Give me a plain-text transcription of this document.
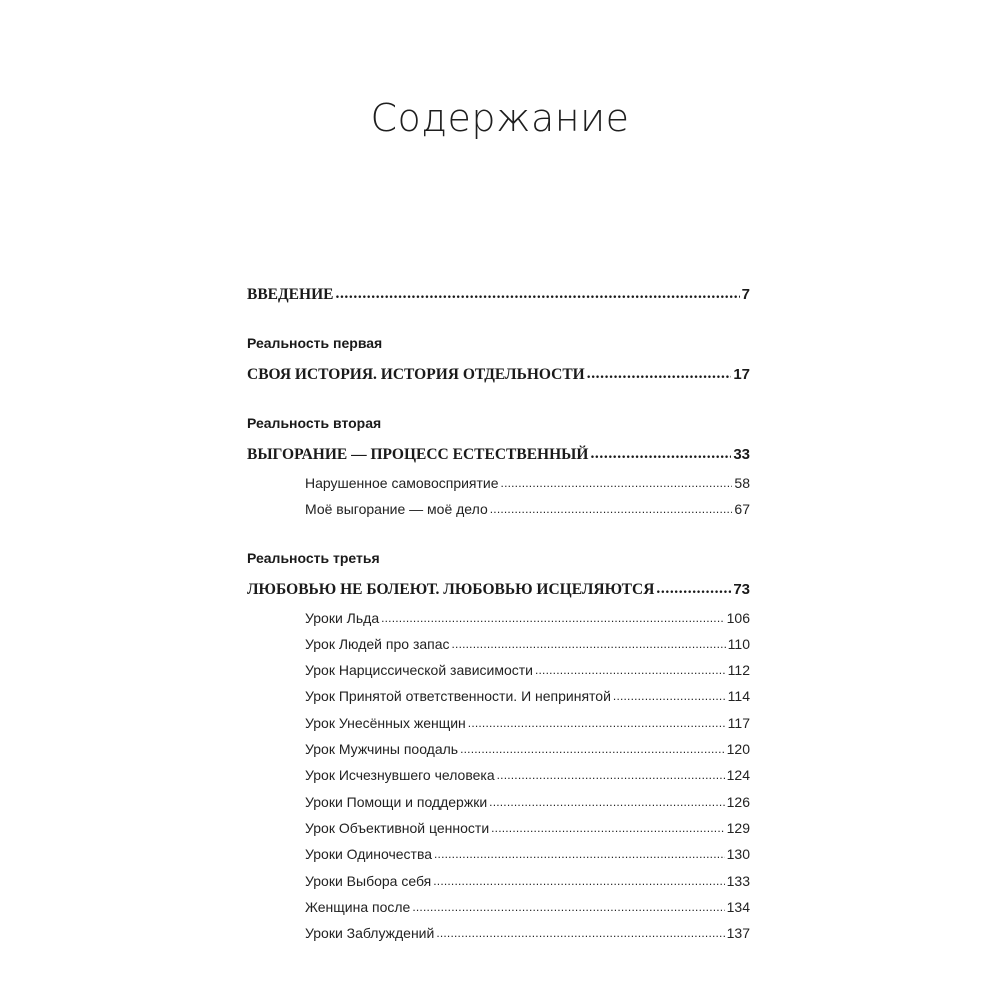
Содержание
ВВЕДЕНИЕ .....	7
Реальность первая
СВОЯ ИСТОРИЯ. ИСТОРИЯ ОТДЕЛЬНОСТИ .....	17
Реальность вторая
ВЫГОРАНИЕ — ПРОЦЕСС ЕСТЕСТВЕННЫЙ .....	33
Нарушенное самовосприятие .....	58
Моё выгорание — моё дело .....	67
Реальность третья
ЛЮБОВЬЮ НЕ БОЛЕЮТ. ЛЮБОВЬЮ ИСЦЕЛЯЮТСЯ .....	73
Уроки Льда .....	106
Урок Людей про запас .....	110
Урок Нарциссической зависимости .....	112
Урок Принятой ответственности. И непринятой .....	114
Урок Унесённых женщин .....	117
Урок Мужчины поодаль .....	120
Урок Исчезнувшего человека .....	124
Уроки Помощи и поддержки .....	126
Урок Объективной ценности .....	129
Уроки Одиночества .....	130
Уроки Выбора себя .....	133
Женщина после .....	134
Уроки Заблуждений .....	137
